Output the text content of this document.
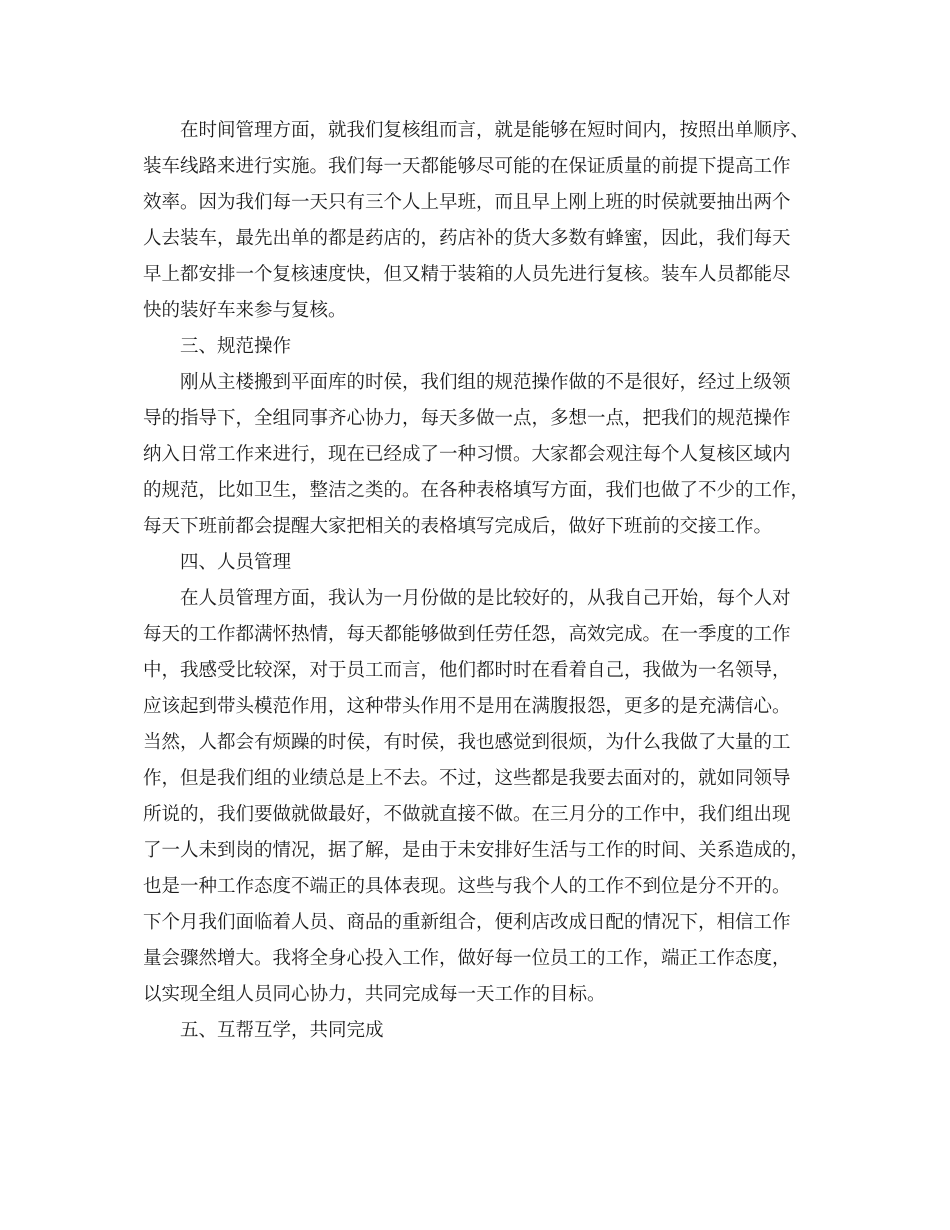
在时间管理方面，就我们复核组而言，就是能够在短时间内，按照出单顺序、
装车线路来进行实施。我们每一天都能够尽可能的在保证质量的前提下提高工作
效率。因为我们每一天只有三个人上早班，而且早上刚上班的时侯就要抽出两个
人去装车，最先出单的都是药店的，药店补的货大多数有蜂蜜，因此，我们每天
早上都安排一个复核速度快，但又精于装箱的人员先进行复核。装车人员都能尽
快的装好车来参与复核。
三、规范操作
刚从主楼搬到平面库的时侯，我们组的规范操作做的不是很好，经过上级领
导的指导下，全组同事齐心协力，每天多做一点，多想一点，把我们的规范操作
纳入日常工作来进行，现在已经成了一种习惯。大家都会观注每个人复核区域内
的规范，比如卫生，整洁之类的。在各种表格填写方面，我们也做了不少的工作，
每天下班前都会提醒大家把相关的表格填写完成后，做好下班前的交接工作。
四、人员管理
在人员管理方面，我认为一月份做的是比较好的，从我自己开始，每个人对
每天的工作都满怀热情，每天都能够做到任劳任怨，高效完成。在一季度的工作
中，我感受比较深，对于员工而言，他们都时时在看着自己，我做为一名领导，
应该起到带头模范作用，这种带头作用不是用在满腹报怨，更多的是充满信心。
当然，人都会有烦躁的时侯，有时侯，我也感觉到很烦，为什么我做了大量的工
作，但是我们组的业绩总是上不去。不过，这些都是我要去面对的，就如同领导
所说的，我们要做就做最好，不做就直接不做。在三月分的工作中，我们组出现
了一人未到岗的情况，据了解，是由于未安排好生活与工作的时间、关系造成的，
也是一种工作态度不端正的具体表现。这些与我个人的工作不到位是分不开的。
下个月我们面临着人员、商品的重新组合，便利店改成日配的情况下，相信工作
量会骤然增大。我将全身心投入工作，做好每一位员工的工作，端正工作态度，
以实现全组人员同心协力，共同完成每一天工作的目标。
五、互帮互学，共同完成
